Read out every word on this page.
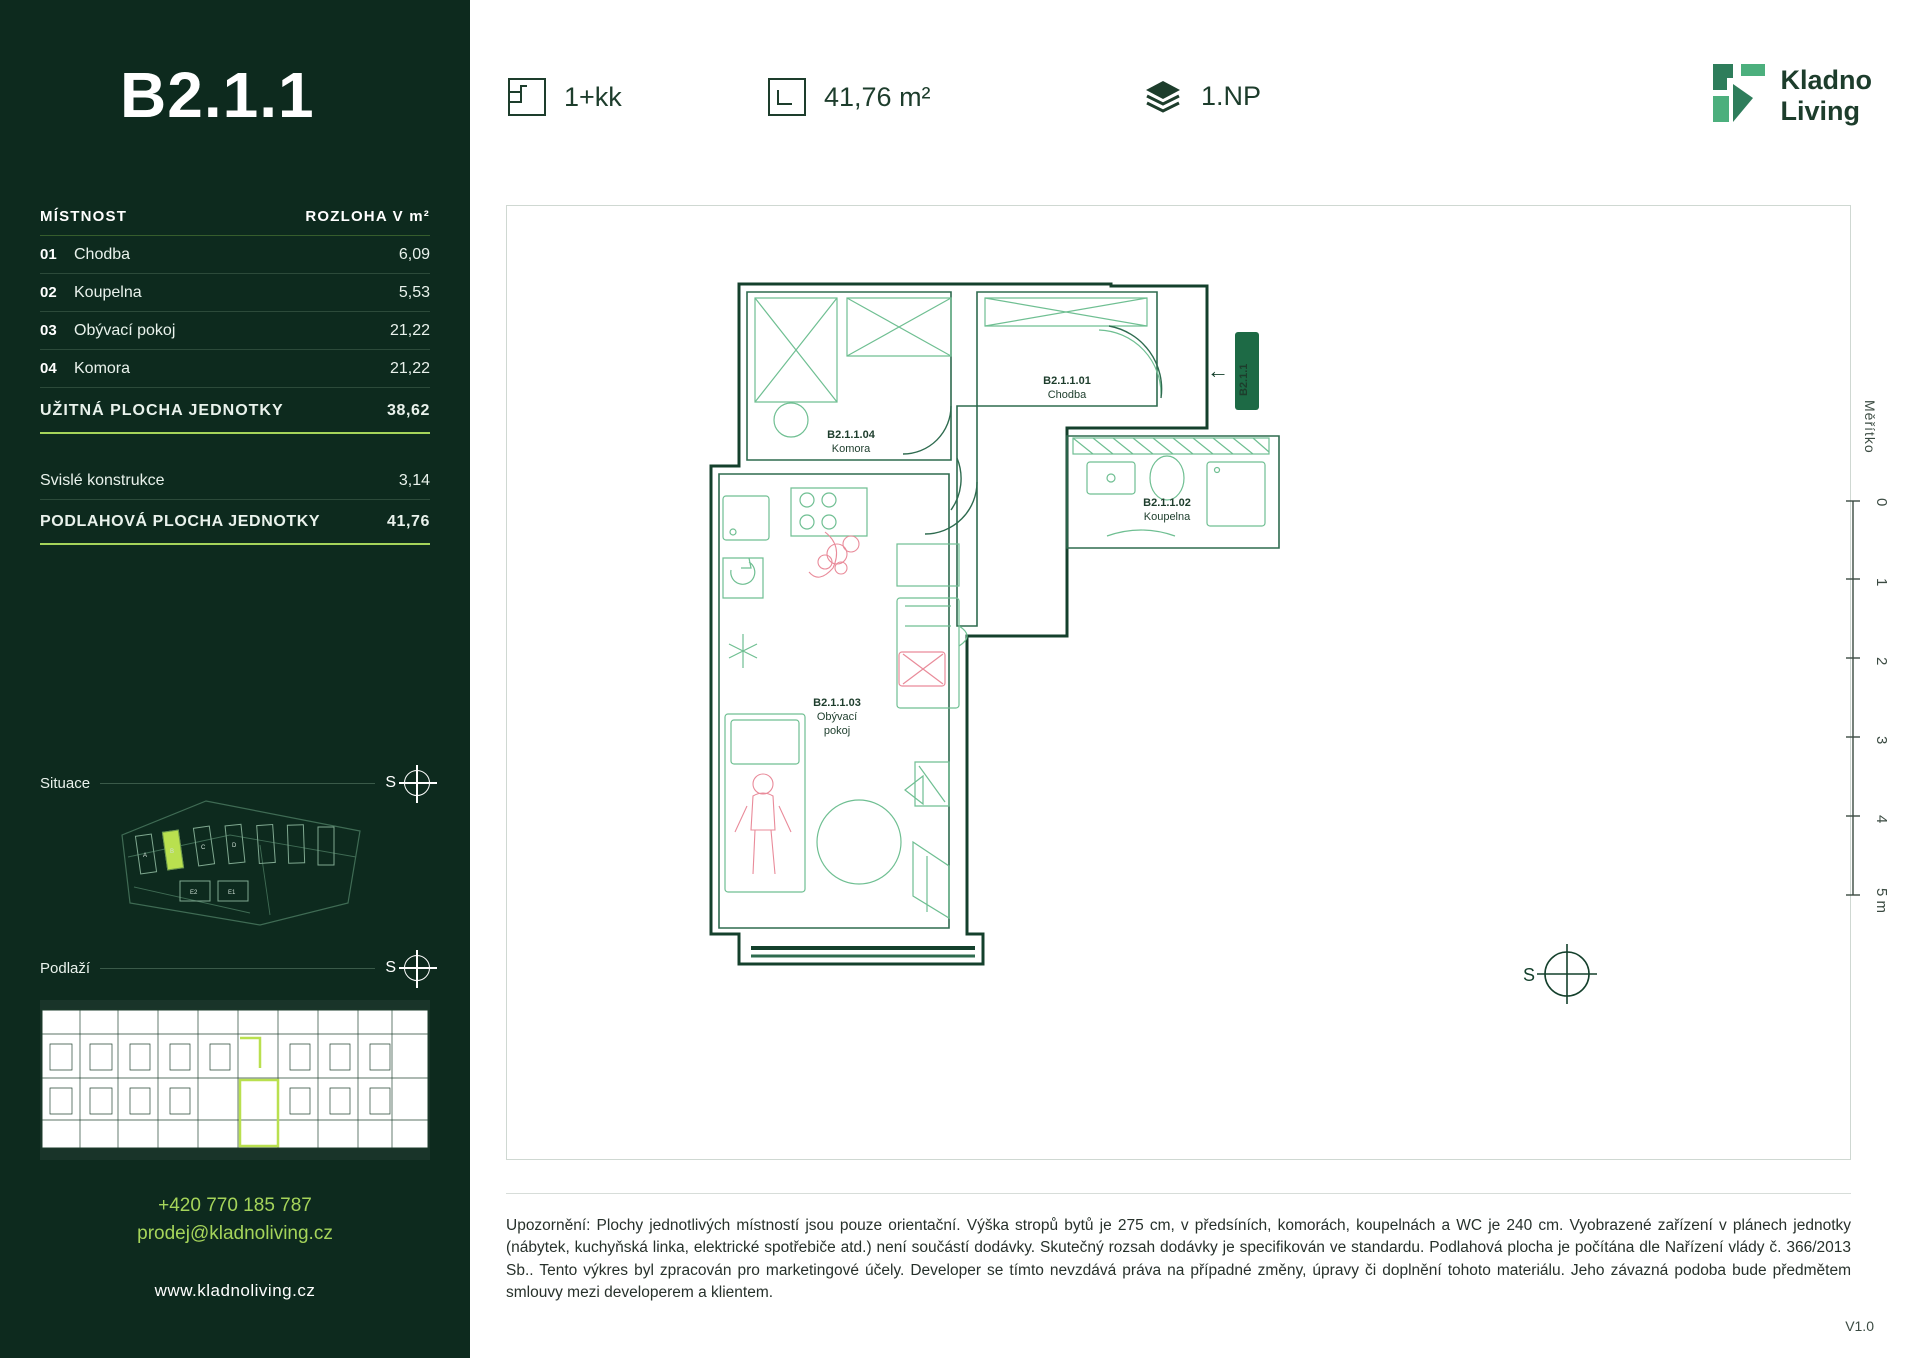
B2.1.1
MÍSTNOST	ROZLOHA V m²
01	Chodba	6,09
02	Koupelna	5,53
03	Obývací pokoj	21,22
04	Komora	21,22
UŽITNÁ PLOCHA JEDNOTKY	38,62
Svislé konstrukce	3,14
PODLAHOVÁ PLOCHA JEDNOTKY	41,76
Situace	S
A
B
C	D
E2	E1
Podlaží	S
+420 770 185 787
prodej@kladnoliving.cz
www.kladnoliving.cz
1+kk	41,76 m²	1.NP
Kladno
Living
B2.1.1
←
B2.1.1.01
Chodba
B2.1.1.02
Koupelna
B2.1.1.03
Obývací
pokoj
B2.1.1.04
Komora
S
Měřítko
0
1
2
3
4
5 m
Upozornění: Plochy jednotlivých místností jsou pouze orientační. Výška stropů bytů je 275 cm, v předsíních, komorách, koupelnách a WC je 240 cm. Vyobrazené zařízení v plánech jednotky (nábytek, kuchyňská linka, elektrické spotřebiče atd.) není součástí dodávky. Skutečný rozsah dodávky je specifikován ve standardu. Podlahová plocha je počítána dle Nařízení vlády č. 366/2013 Sb.. Tento výkres byl zpracován pro marketingové účely. Developer se tímto nevzdává práva na případné změny, úpravy či doplnění tohoto materiálu. Jeho závazná podoba bude předmětem smlouvy mezi developerem a klientem.
V1.0
